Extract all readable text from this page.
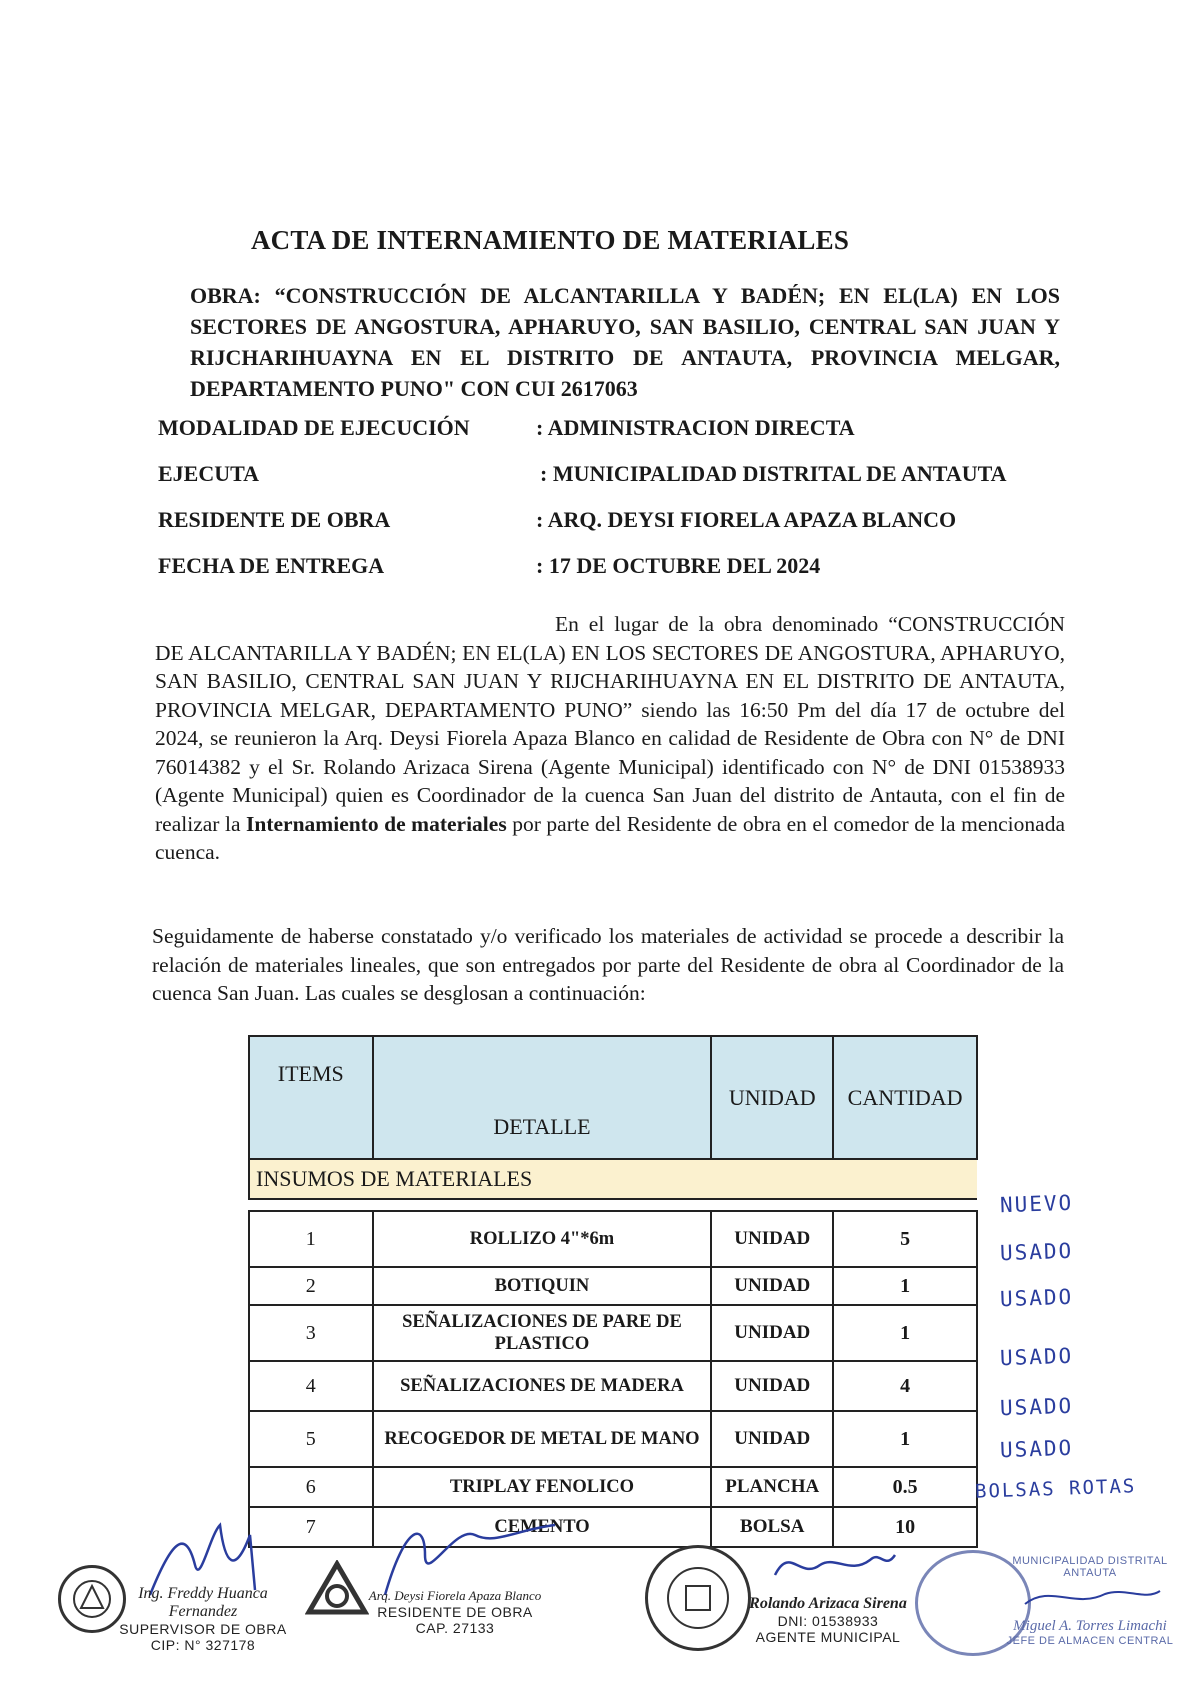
ACTA DE INTERNAMIENTO DE MATERIALES
OBRA: “CONSTRUCCIÓN DE ALCANTARILLA Y BADÉN; EN EL(LA) EN LOS SECTORES DE ANGOSTURA, APHARUYO, SAN BASILIO, CENTRAL SAN JUAN Y RIJCHARIHUAYNA EN EL DISTRITO DE ANTAUTA, PROVINCIA MELGAR, DEPARTAMENTO PUNO" CON CUI 2617063
MODALIDAD DE EJECUCIÓN	: ADMINISTRACION DIRECTA
EJECUTA	: MUNICIPALIDAD DISTRITAL DE ANTAUTA
RESIDENTE DE OBRA	: ARQ. DEYSI FIORELA APAZA BLANCO
FECHA DE ENTREGA	: 17 DE OCTUBRE DEL 2024
En el lugar de la obra denominado “CONSTRUCCIÓN DE ALCANTARILLA Y BADÉN; EN EL(LA) EN LOS SECTORES DE ANGOSTURA, APHARUYO, SAN BASILIO, CENTRAL SAN JUAN Y RIJCHARIHUAYNA EN EL DISTRITO DE ANTAUTA, PROVINCIA MELGAR, DEPARTAMENTO PUNO” siendo las 16:50 Pm del día 17 de octubre del 2024, se reunieron la Arq. Deysi Fiorela Apaza Blanco en calidad de Residente de Obra con N° de DNI 76014382 y el Sr. Rolando Arizaca Sirena (Agente Municipal) identificado con N° de DNI 01538933 (Agente Municipal) quien es Coordinador de la cuenca San Juan del distrito de Antauta, con el fin de realizar la Internamiento de materiales por parte del Residente de obra en el comedor de la mencionada cuenca.
Seguidamente de haberse constatado y/o verificado los materiales de actividad se procede a describir la relación de materiales lineales, que son entregados por parte del Residente de obra al Coordinador de la cuenca San Juan. Las cuales se desglosan a continuación:
ITEMS	DETALLE	UNIDAD	CANTIDAD
INSUMOS DE MATERIALES			

1	ROLLIZO 4"*6m	UNIDAD	5
2	BOTIQUIN	UNIDAD	1
3	SEÑALIZACIONES DE PARE DE PLASTICO	UNIDAD	1
4	SEÑALIZACIONES DE MADERA	UNIDAD	4
5	RECOGEDOR DE METAL DE MANO	UNIDAD	1
6	TRIPLAY FENOLICO	PLANCHA	0.5
7	CEMENTO	BOLSA	10
NUEVO
USADO
USADO
USADO
USADO
USADO
BOLSAS ROTAS
Ing. Freddy Huanca Fernandez
SUPERVISOR DE OBRA
CIP: N° 327178
Arq. Deysi Fiorela Apaza Blanco
RESIDENTE DE OBRA
CAP. 27133
Rolando Arizaca Sirena
DNI: 01538933
AGENTE MUNICIPAL
MUNICIPALIDAD DISTRITAL ANTAUTA
Miguel A. Torres Limachi
JEFE DE ALMACEN CENTRAL
